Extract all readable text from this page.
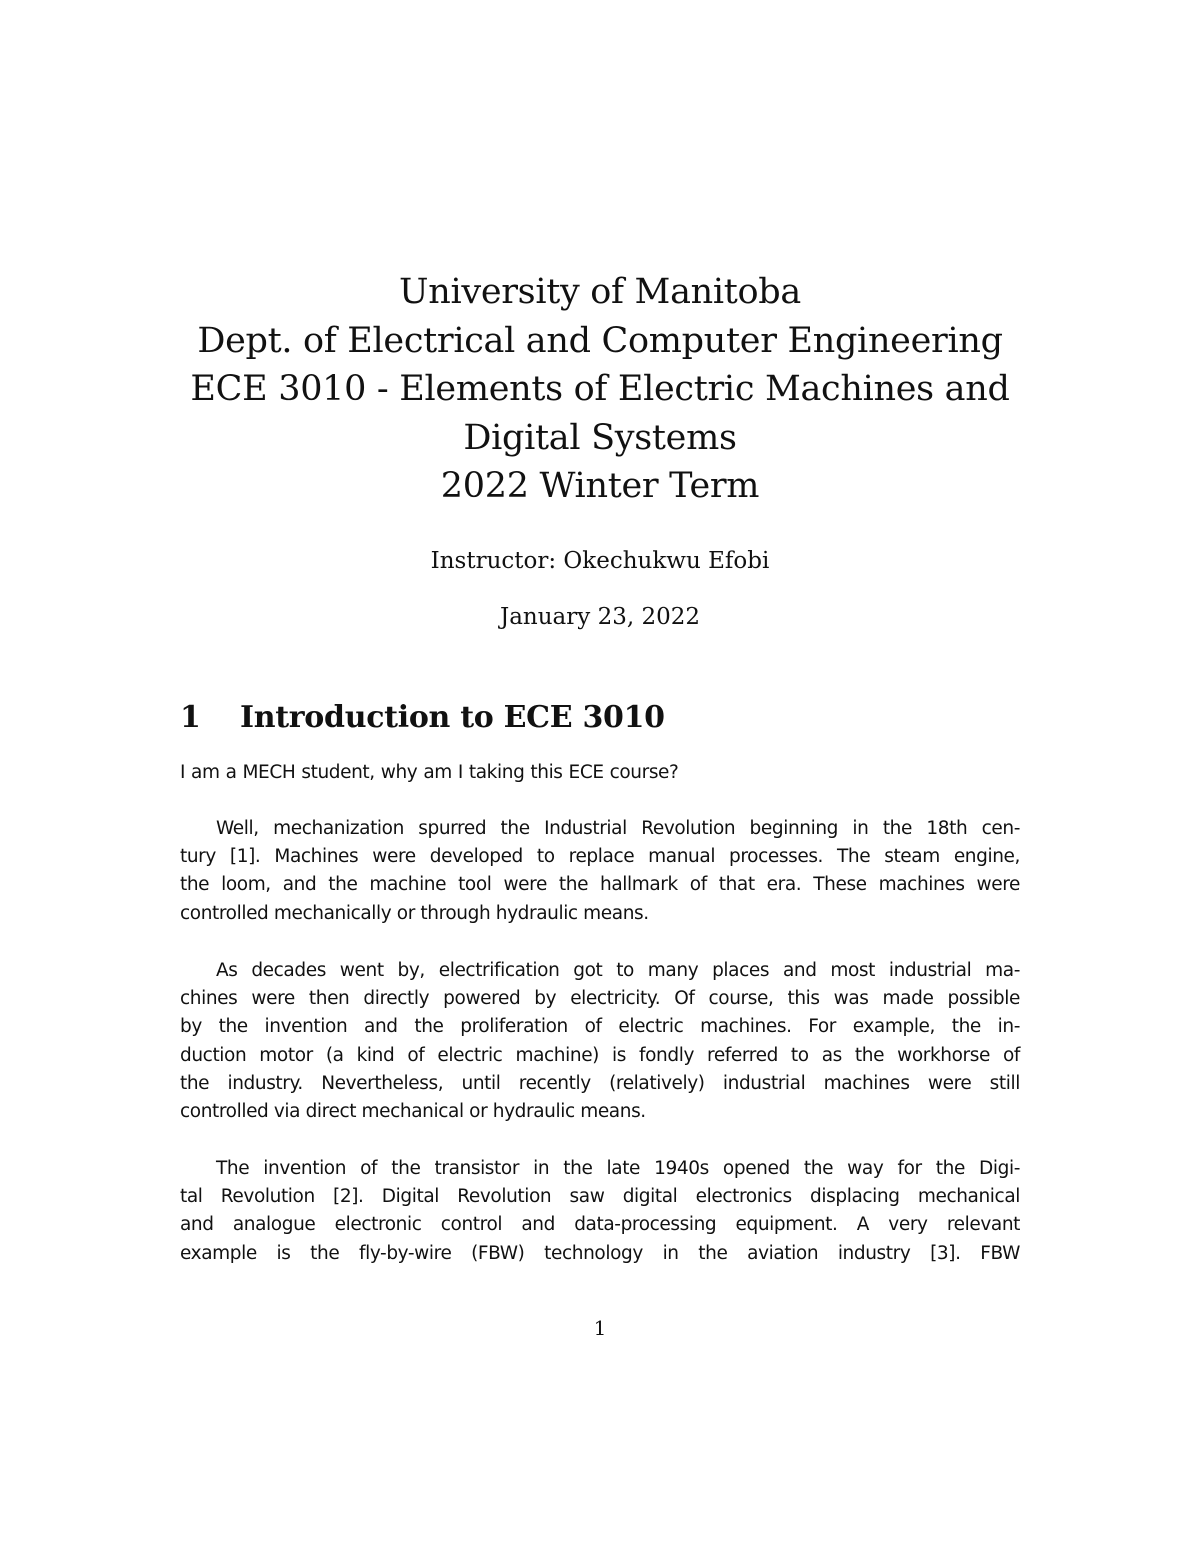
University of Manitoba
Dept. of Electrical and Computer Engineering
ECE 3010 - Elements of Electric Machines and
Digital Systems
2022 Winter Term
Instructor: Okechukwu Efobi
January 23, 2022
1 Introduction to ECE 3010
I am a MECH student, why am I taking this ECE course?
Well, mechanization spurred the Industrial Revolution beginning in the 18th cen-
tury [1]. Machines were developed to replace manual processes. The steam engine,
the loom, and the machine tool were the hallmark of that era. These machines were
controlled mechanically or through hydraulic means.
As decades went by, electrification got to many places and most industrial ma-
chines were then directly powered by electricity. Of course, this was made possible
by the invention and the proliferation of electric machines. For example, the in-
duction motor (a kind of electric machine) is fondly referred to as the workhorse of
the industry. Nevertheless, until recently (relatively) industrial machines were still
controlled via direct mechanical or hydraulic means.
The invention of the transistor in the late 1940s opened the way for the Digi-
tal Revolution [2]. Digital Revolution saw digital electronics displacing mechanical
and analogue electronic control and data-processing equipment. A very relevant
example is the fly-by-wire (FBW) technology in the aviation industry [3]. FBW
1
